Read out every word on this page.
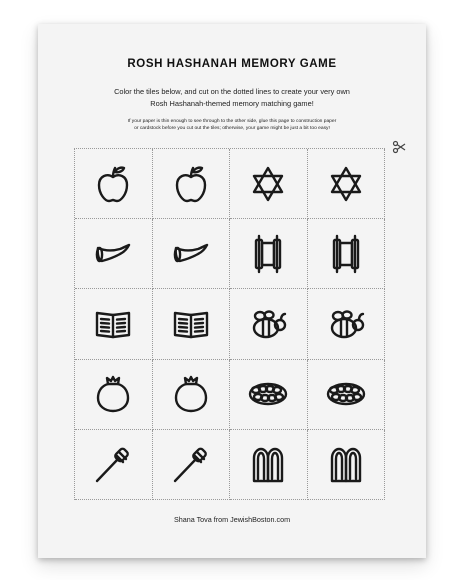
ROSH HASHANAH MEMORY GAME
Color the tiles below, and cut on the dotted lines to create your very own
Rosh Hashanah-themed memory matching game!
If your paper is thin enough to see through to the other side, glue this page to construction paper
or cardstock before you cut out the tiles; otherwise, your game might be just a bit too easy!
Shana Tova from JewishBoston.com
